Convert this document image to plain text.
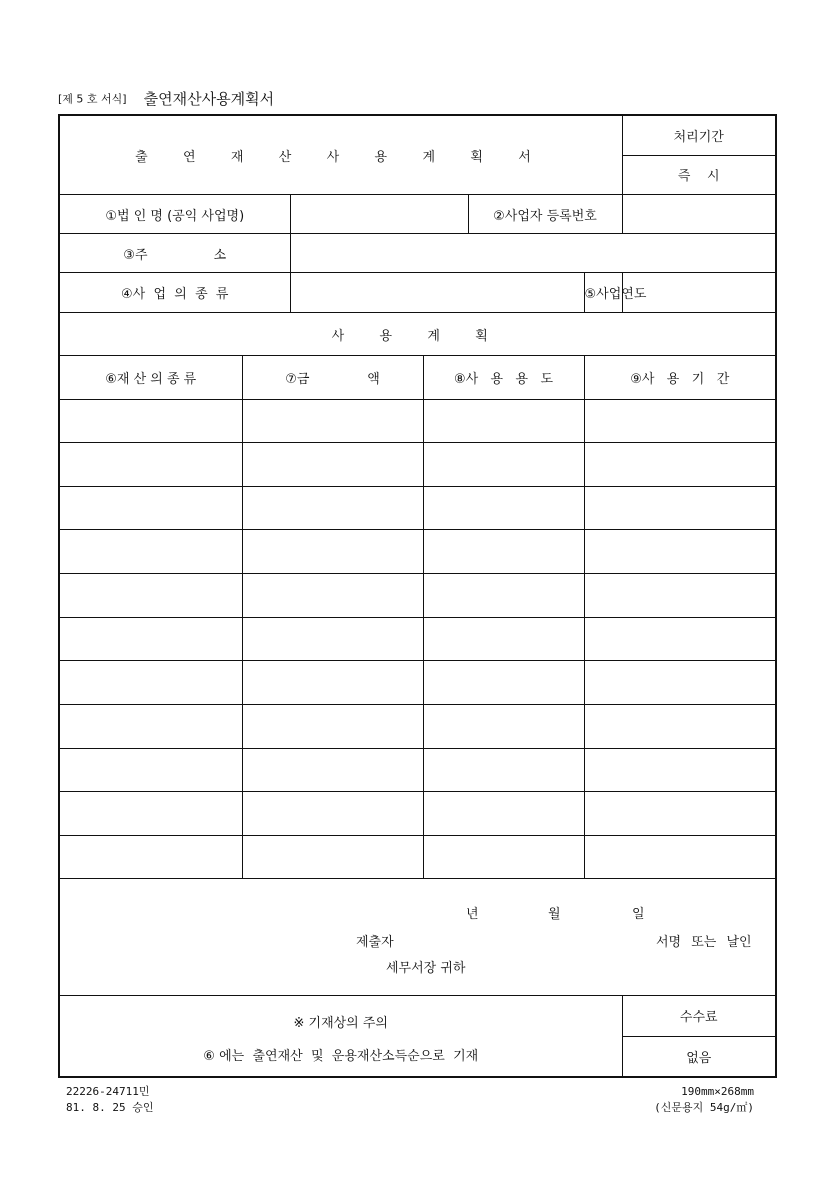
[제 5 호 서식] 출연재산사용계획서
출 연 재 산 사 용 계 획 서	
처리기간
즉    시

①법 인 명 (공익 사업명)		②사업자 등록번호	
③주                소	
④사  업  의  종  류		⑤사업연도	
사 용 계 획
⑥재 산 의 종 류	⑦금              액	⑧사   용   용   도	⑨사   용   기   간

년	월	일
제출자	서명 또는 날인
세무서장 귀하

※ 기재상의 주의
⑥ 에는  출연재산  및  운용재산소득순으로  기재

수수료
없음
22226-24711민
81. 8. 25 승인
190mm×268mm
(신문용지 54g/㎡)
